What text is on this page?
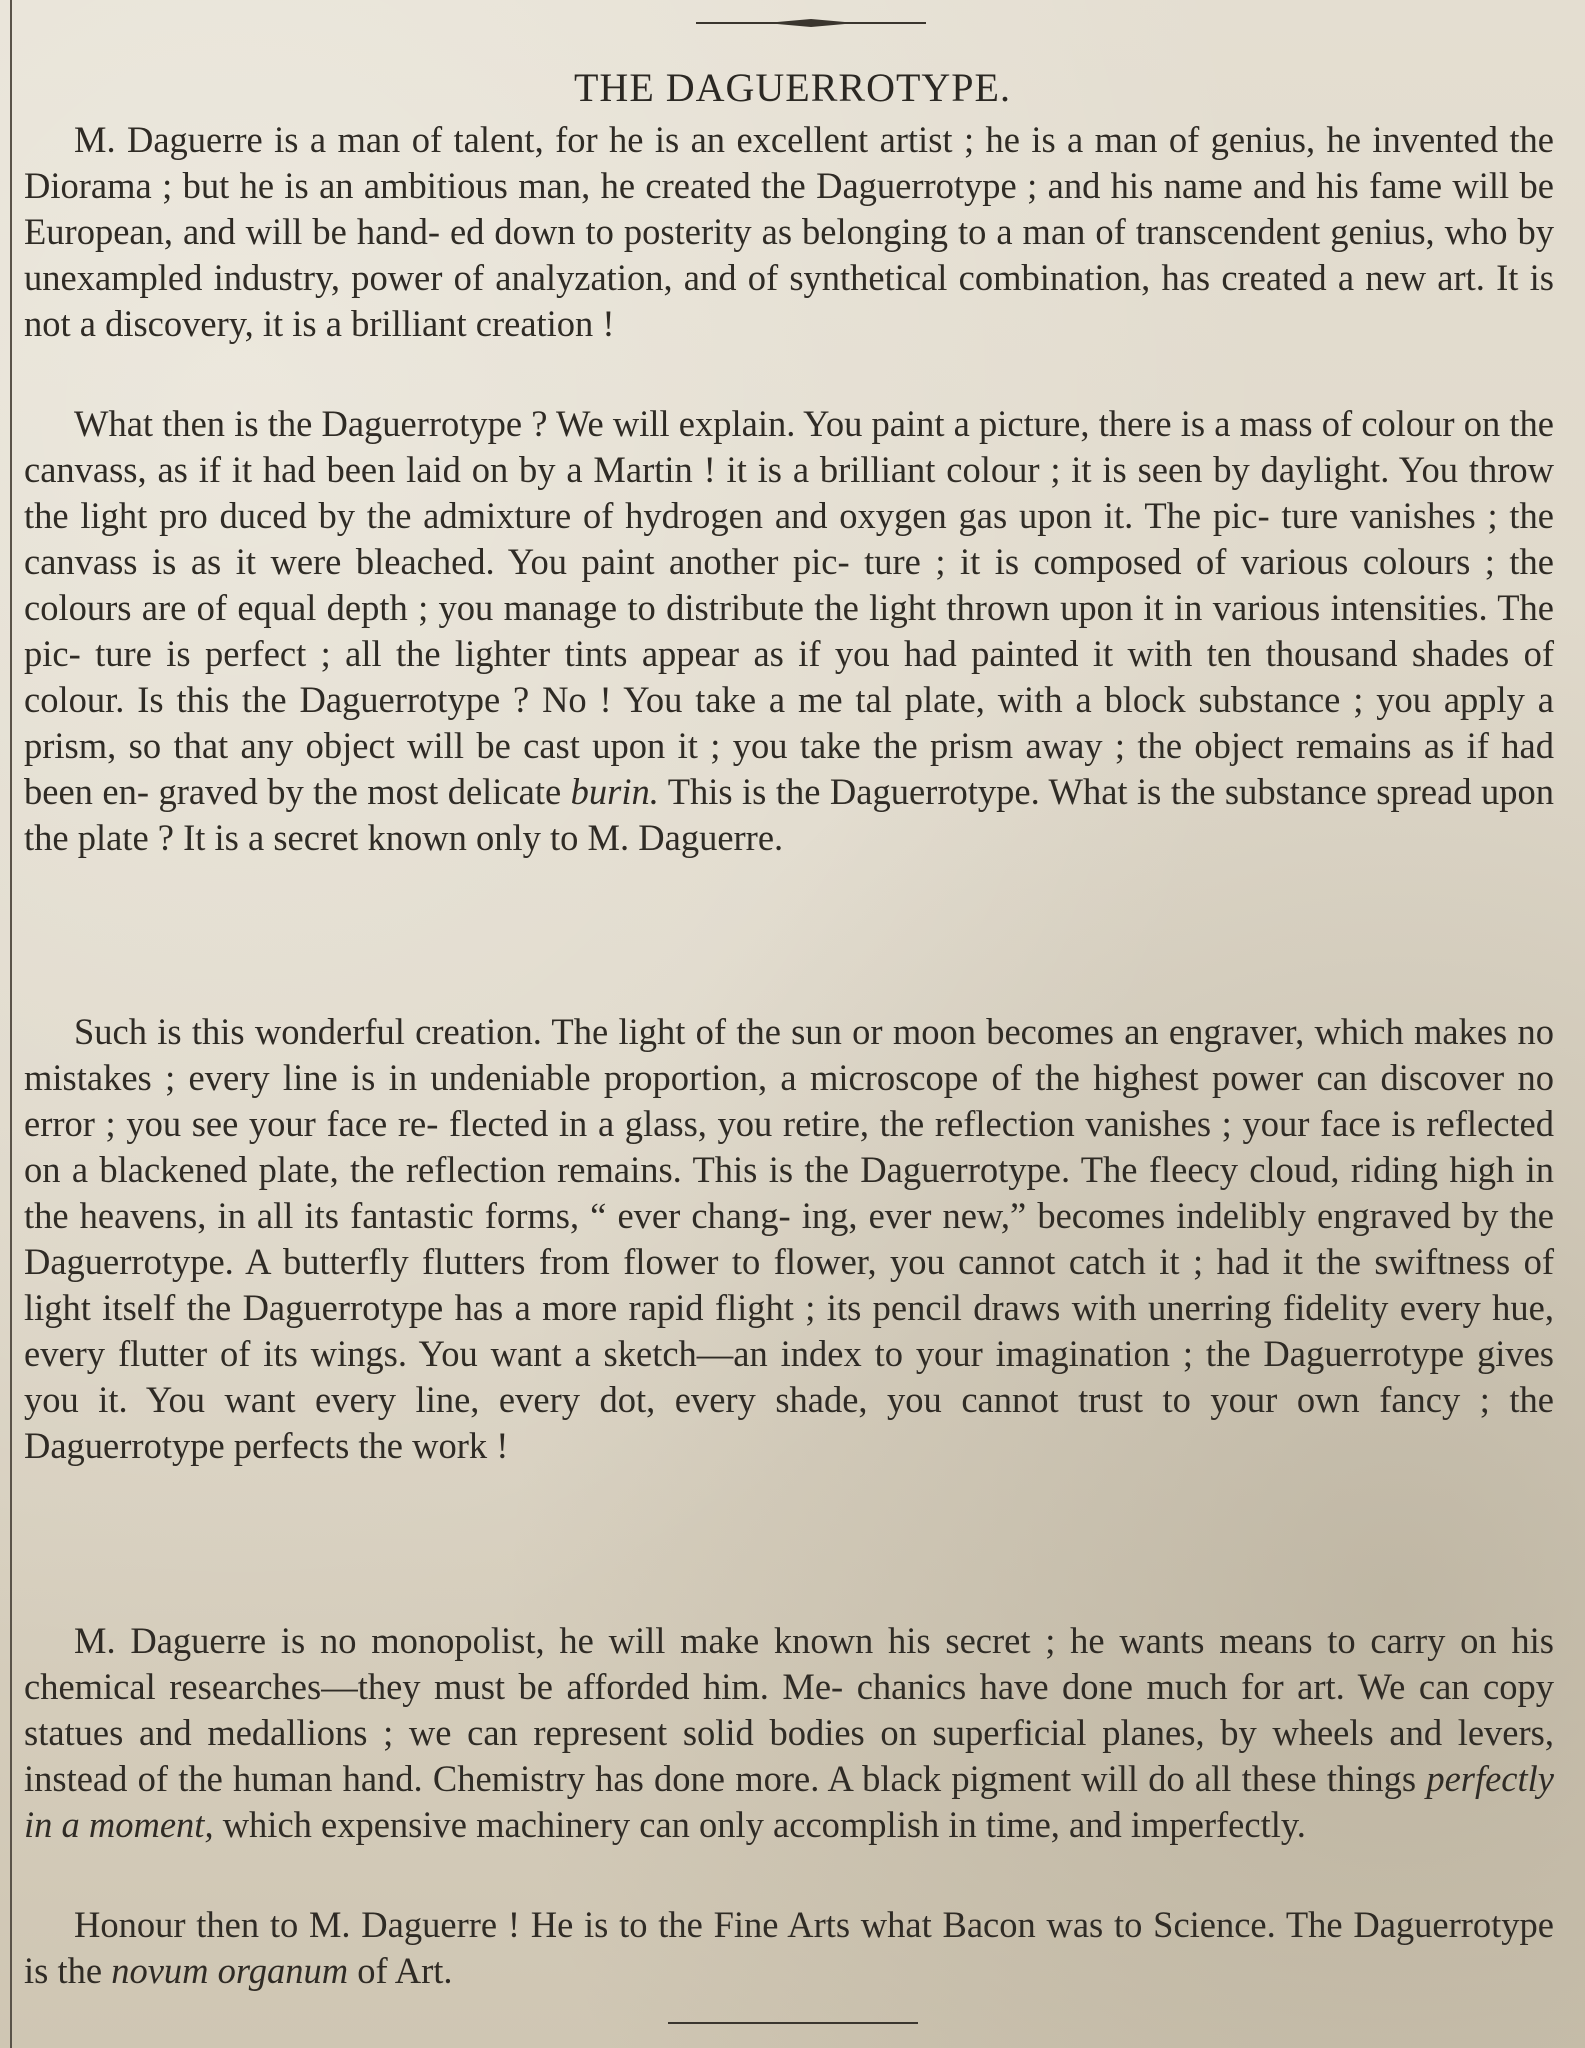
THE DAGUERROTYPE.

M. Daguerre is a man of talent, for he is an excellent artist ; he is a man of genius, he invented the Diorama ; but he is an ambitious man, he created the Daguerrotype ; and his name and his fame will be European, and will be hand- ed down to posterity as belonging to a man of transcendent genius, who by unexampled industry, power of analyzation, and of synthetical combination, has created a new art. It is not a discovery, it is a brilliant creation !

What then is the Daguerrotype ? We will explain. You paint a picture, there is a mass of colour on the canvass, as if it had been laid on by a Martin ! it is a brilliant colour ; it is seen by daylight. You throw the light pro duced by the admixture of hydrogen and oxygen gas upon it. The pic- ture vanishes ; the canvass is as it were bleached. You paint another pic- ture ; it is composed of various colours ; the colours are of equal depth ; you manage to distribute the light thrown upon it in various intensities. The pic- ture is perfect ; all the lighter tints appear as if you had painted it with ten thousand shades of colour. Is this the Daguerrotype ? No ! You take a me tal plate, with a block substance ; you apply a prism, so that any object will be cast upon it ; you take the prism away ; the object remains as if had been en- graved by the most delicate burin. This is the Daguerrotype. What is the substance spread upon the plate ? It is a secret known only to M. Daguerre.

Such is this wonderful creation. The light of the sun or moon becomes an engraver, which makes no mistakes ; every line is in undeniable proportion, a microscope of the highest power can discover no error ; you see your face re- flected in a glass, you retire, the reflection vanishes ; your face is reflected on a blackened plate, the reflection remains. This is the Daguerrotype. The fleecy cloud, riding high in the heavens, in all its fantastic forms, “ ever chang- ing, ever new,” becomes indelibly engraved by the Daguerrotype. A butterfly flutters from flower to flower, you cannot catch it ; had it the swiftness of light itself the Daguerrotype has a more rapid flight ; its pencil draws with unerring fidelity every hue, every flutter of its wings. You want a sketch—an index to your imagination ; the Daguerrotype gives you it. You want every line, every dot, every shade, you cannot trust to your own fancy ; the Daguerrotype perfects the work !

M. Daguerre is no monopolist, he will make known his secret ; he wants means to carry on his chemical researches—they must be afforded him. Me- chanics have done much for art. We can copy statues and medallions ; we can represent solid bodies on superficial planes, by wheels and levers, instead of the human hand. Chemistry has done more. A black pigment will do all these things perfectly in a moment, which expensive machinery can only accomplish in time, and imperfectly.

Honour then to M. Daguerre ! He is to the Fine Arts what Bacon was to Science. The Daguerrotype is the novum organum of Art.
